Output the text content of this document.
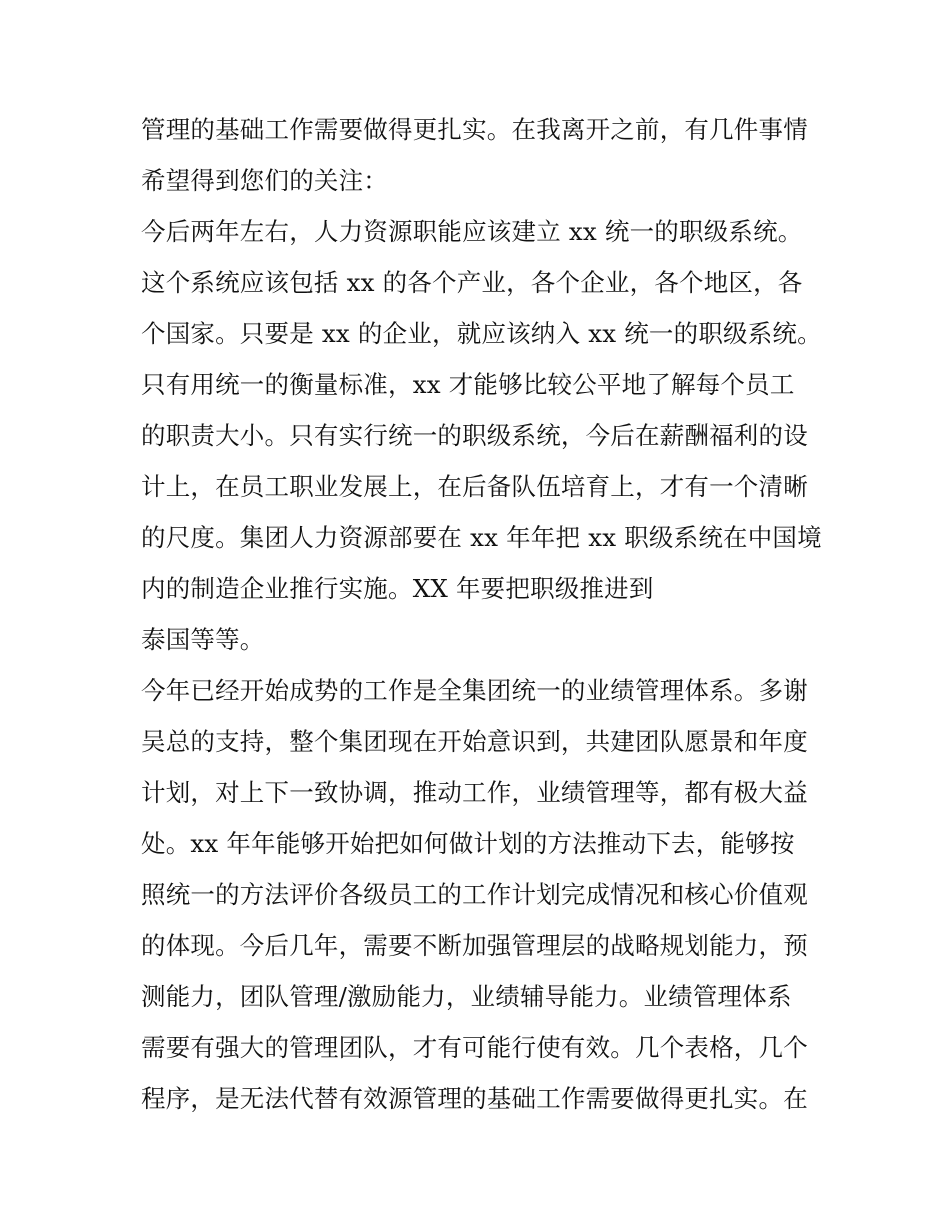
管理的基础工作需要做得更扎实。在我离开之前，有几件事情
希望得到您们的关注：
今后两年左右，人力资源职能应该建立 xx 统一的职级系统。
这个系统应该包括 xx 的各个产业，各个企业，各个地区，各
个国家。只要是 xx 的企业，就应该纳入 xx 统一的职级系统。
只有用统一的衡量标准，xx 才能够比较公平地了解每个员工
的职责大小。只有实行统一的职级系统，今后在薪酬福利的设
计上，在员工职业发展上，在后备队伍培育上，才有一个清晰
的尺度。集团人力资源部要在 xx 年年把 xx 职级系统在中国境
内的制造企业推行实施。XX 年要把职级推进到
泰国等等。
今年已经开始成势的工作是全集团统一的业绩管理体系。多谢
吴总的支持，整个集团现在开始意识到，共建团队愿景和年度
计划，对上下一致协调，推动工作，业绩管理等，都有极大益
处。xx 年年能够开始把如何做计划的方法推动下去，能够按
照统一的方法评价各级员工的工作计划完成情况和核心价值观
的体现。今后几年，需要不断加强管理层的战略规划能力，预
测能力，团队管理/激励能力，业绩辅导能力。业绩管理体系
需要有强大的管理团队，才有可能行使有效。几个表格，几个
程序，是无法代替有效源管理的基础工作需要做得更扎实。在
